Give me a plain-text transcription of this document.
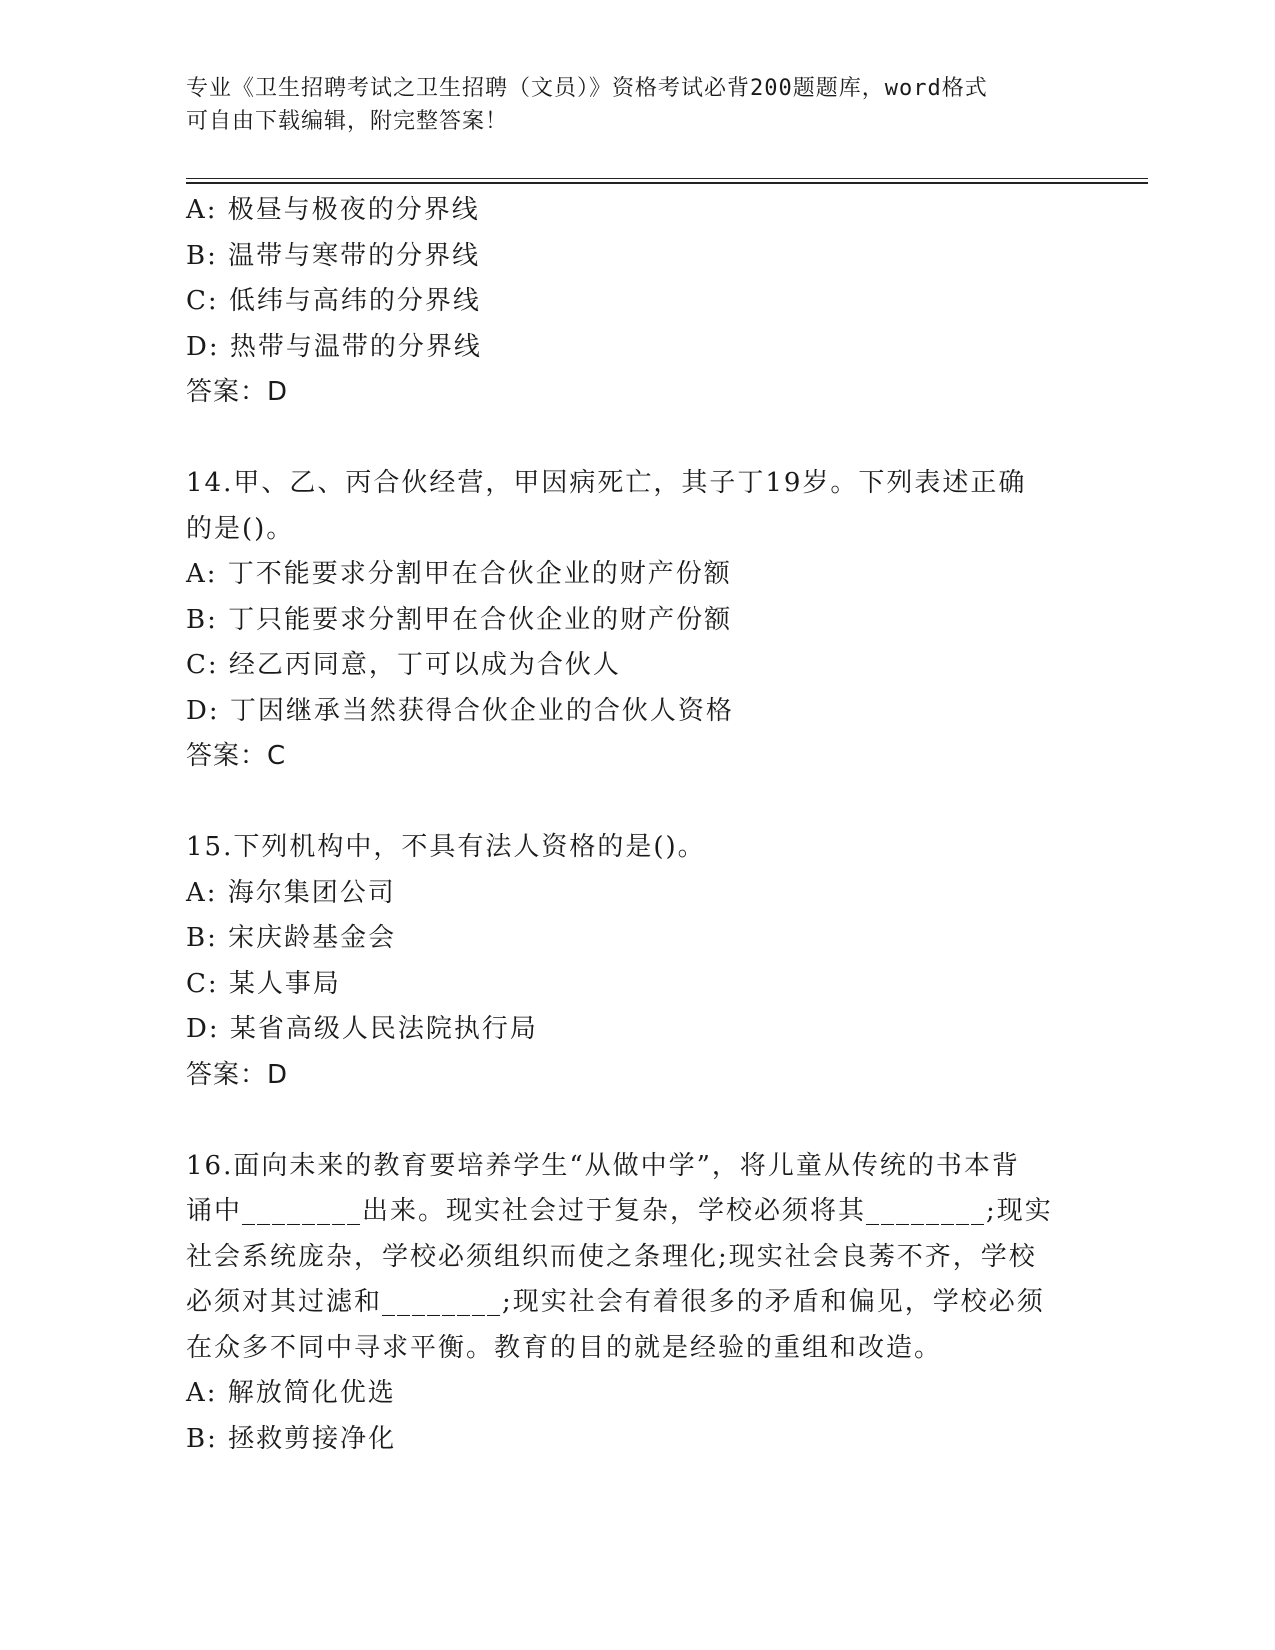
专业《卫生招聘考试之卫生招聘（文员）》资格考试必背200题题库，word格式
可自由下载编辑，附完整答案！
A: 极昼与极夜的分界线
B: 温带与寒带的分界线
C: 低纬与高纬的分界线
D: 热带与温带的分界线
答案：D
14.甲、乙、丙合伙经营，甲因病死亡，其子丁19岁。下列表述正确
的是()。
A: 丁不能要求分割甲在合伙企业的财产份额
B: 丁只能要求分割甲在合伙企业的财产份额
C: 经乙丙同意，丁可以成为合伙人
D: 丁因继承当然获得合伙企业的合伙人资格
答案：C
15.下列机构中，不具有法人资格的是()。
A: 海尔集团公司
B: 宋庆龄基金会
C: 某人事局
D: 某省高级人民法院执行局
答案：D
16.面向未来的教育要培养学生“从做中学”，将儿童从传统的书本背
诵中________出来。现实社会过于复杂，学校必须将其________;现实
社会系统庞杂，学校必须组织而使之条理化;现实社会良莠不齐，学校
必须对其过滤和________;现实社会有着很多的矛盾和偏见，学校必须
在众多不同中寻求平衡。教育的目的就是经验的重组和改造。
A: 解放简化优选
B: 拯救剪接净化
